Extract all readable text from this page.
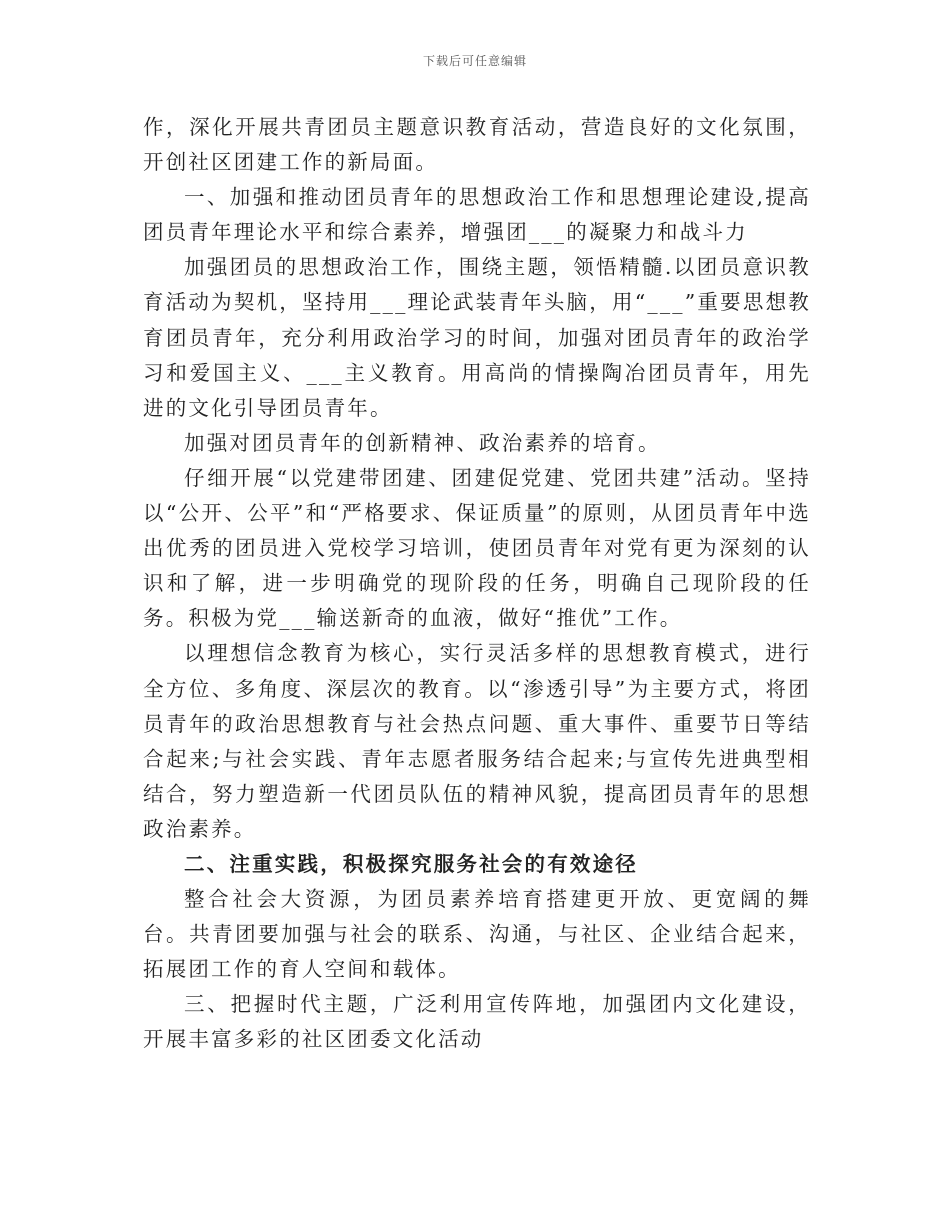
下载后可任意编辑

作，深化开展共青团员主题意识教育活动，营造良好的文化氛围，开创社区团建工作的新局面。

一、加强和推动团员青年的思想政治工作和思想理论建设,提高团员青年理论水平和综合素养，增强团___的凝聚力和战斗力

加强团员的思想政治工作，围绕主题，领悟精髓.以团员意识教育活动为契机，坚持用___理论武装青年头脑，用“___”重要思想教育团员青年，充分利用政治学习的时间，加强对团员青年的政治学习和爱国主义、___主义教育。用高尚的情操陶冶团员青年，用先进的文化引导团员青年。

加强对团员青年的创新精神、政治素养的培育。

仔细开展“以党建带团建、团建促党建、党团共建”活动。坚持以“公开、公平”和“严格要求、保证质量”的原则，从团员青年中选出优秀的团员进入党校学习培训，使团员青年对党有更为深刻的认识和了解，进一步明确党的现阶段的任务，明确自己现阶段的任务。积极为党___输送新奇的血液，做好“推优”工作。

以理想信念教育为核心，实行灵活多样的思想教育模式，进行全方位、多角度、深层次的教育。以“渗透引导”为主要方式，将团员青年的政治思想教育与社会热点问题、重大事件、重要节日等结合起来;与社会实践、青年志愿者服务结合起来;与宣传先进典型相结合，努力塑造新一代团员队伍的精神风貌，提高团员青年的思想政治素养。

二、注重实践，积极探究服务社会的有效途径

整合社会大资源，为团员素养培育搭建更开放、更宽阔的舞台。共青团要加强与社会的联系、沟通，与社区、企业结合起来，拓展团工作的育人空间和载体。

三、把握时代主题，广泛利用宣传阵地，加强团内文化建设，开展丰富多彩的社区团委文化活动
